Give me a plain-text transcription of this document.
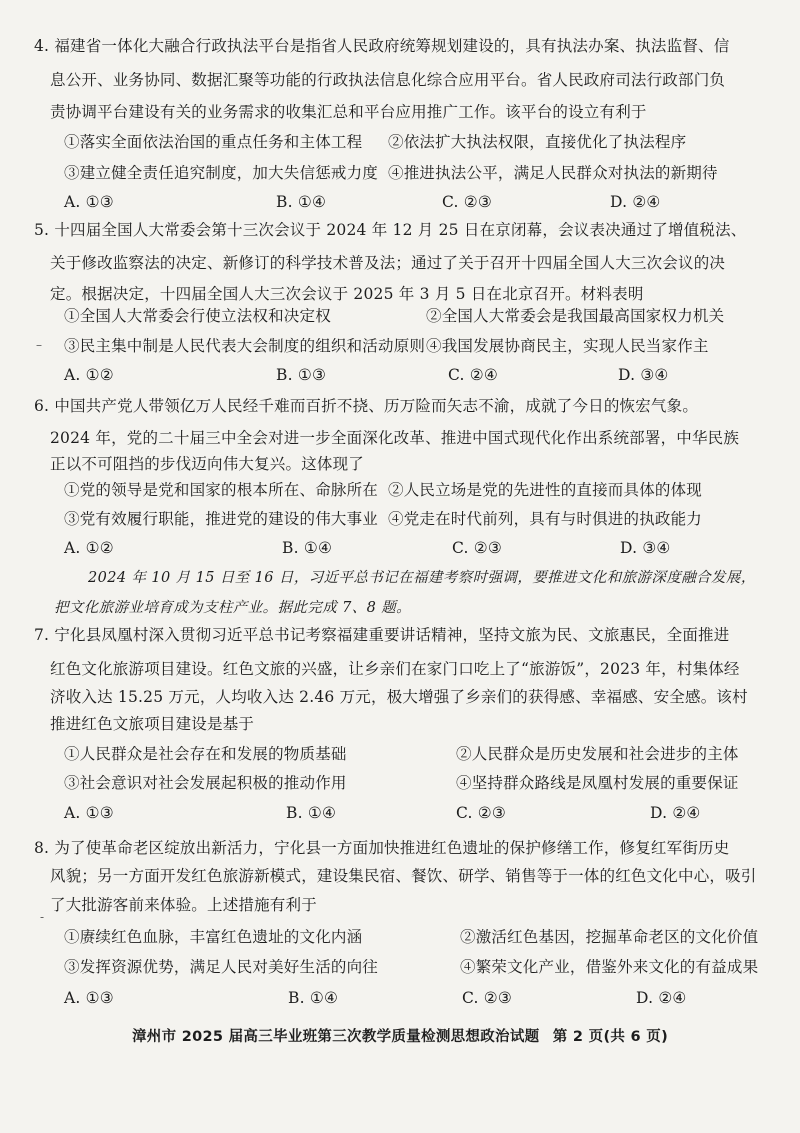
4. 福建省一体化大融合行政执法平台是指省人民政府统筹规划建设的，具有执法办案、执法监督、信
息公开、业务协同、数据汇聚等功能的行政执法信息化综合应用平台。省人民政府司法行政部门负
责协调平台建设有关的业务需求的收集汇总和平台应用推广工作。该平台的设立有利于
①落实全面依法治国的重点任务和主体工程 ②依法扩大执法权限，直接优化了执法程序
③建立健全责任追究制度，加大失信惩戒力度 ④推进执法公平，满足人民群众对执法的新期待
A. ①③	B. ①④	C. ②③	D. ②④
5. 十四届全国人大常委会第十三次会议于 2024 年 12 月 25 日在京闭幕，会议表决通过了增值税法、
关于修改监察法的决定、新修订的科学技术普及法；通过了关于召开十四届全国人大三次会议的决
定。根据决定，十四届全国人大三次会议于 2025 年 3 月 5 日在北京召开。材料表明
①全国人大常委会行使立法权和决定权	②全国人大常委会是我国最高国家权力机关
③民主集中制是人民代表大会制度的组织和活动原则 ④我国发展协商民主，实现人民当家作主
A. ①②	B. ①③	C. ②④	D. ③④
6. 中国共产党人带领亿万人民经千难而百折不挠、历万险而矢志不渝，成就了今日的恢宏气象。
2024 年，党的二十届三中全会对进一步全面深化改革、推进中国式现代化作出系统部署，中华民族
正以不可阻挡的步伐迈向伟大复兴。这体现了
①党的领导是党和国家的根本所在、命脉所在 ②人民立场是党的先进性的直接而具体的体现
③党有效履行职能，推进党的建设的伟大事业 ④党走在时代前列，具有与时俱进的执政能力
A. ①②	B. ①④	C. ②③	D. ③④
2024 年 10 月 15 日至 16 日，习近平总书记在福建考察时强调，要推进文化和旅游深度融合发展，
把文化旅游业培育成为支柱产业。据此完成 7、8 题。
7. 宁化县凤凰村深入贯彻习近平总书记考察福建重要讲话精神，坚持文旅为民、文旅惠民，全面推进
红色文化旅游项目建设。红色文旅的兴盛，让乡亲们在家门口吃上了“旅游饭”，2023 年，村集体经
济收入达 15.25 万元，人均收入达 2.46 万元，极大增强了乡亲们的获得感、幸福感、安全感。该村
推进红色文旅项目建设是基于
①人民群众是社会存在和发展的物质基础	②人民群众是历史发展和社会进步的主体
③社会意识对社会发展起积极的推动作用	④坚持群众路线是凤凰村发展的重要保证
A. ①③	B. ①④	C. ②③	D. ②④
8. 为了使革命老区绽放出新活力，宁化县一方面加快推进红色遗址的保护修缮工作，修复红军街历史
风貌；另一方面开发红色旅游新模式，建设集民宿、餐饮、研学、销售等于一体的红色文化中心，吸引
了大批游客前来体验。上述措施有利于
①赓续红色血脉，丰富红色遗址的文化内涵	②激活红色基因，挖掘革命老区的文化价值
③发挥资源优势，满足人民对美好生活的向往	④繁荣文化产业，借鉴外来文化的有益成果
A. ①③	B. ①④	C. ②③	D. ②④
漳州市 2025 届高三毕业班第三次教学质量检测思想政治试题 第 2 页(共 6 页)
–
-
